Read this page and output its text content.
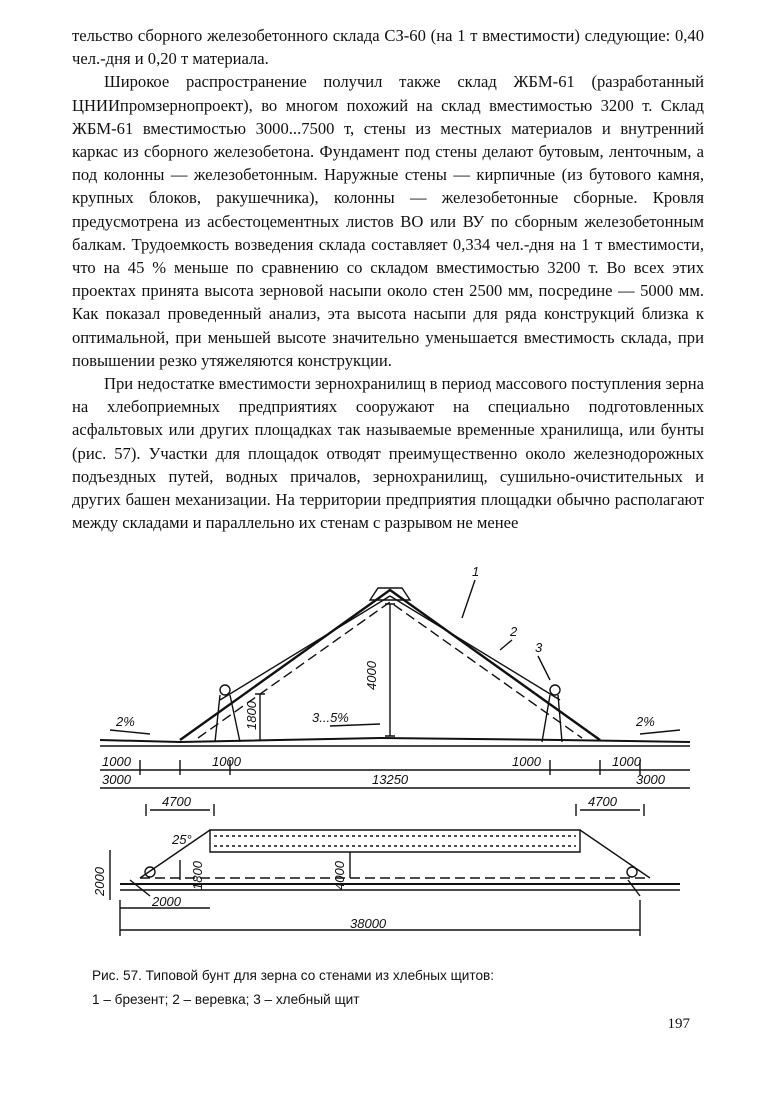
тельство сборного железобетонного склада СЗ-60 (на 1 т вместимости) следующие: 0,40 чел.-дня и 0,20 т материала.

Широкое распространение получил также склад ЖБМ-61 (разработанный ЦНИИпромзернопроект), во многом похожий на склад вместимостью 3200 т. Склад ЖБМ-61 вместимостью 3000...7500 т, стены из местных материалов и внутренний каркас из сборного железобетона. Фундамент под стены делают бутовым, ленточным, а под колонны — железобетонным. Наружные стены — кирпичные (из бутового камня, крупных блоков, ракушечника), колонны — железобетонные сборные. Кровля предусмотрена из асбестоцементных листов ВО или ВУ по сборным железобетонным балкам. Трудоемкость возведения склада составляет 0,334 чел.-дня на 1 т вместимости, что на 45 % меньше по сравнению со складом вместимостью 3200 т. Во всех этих проектах принята высота зерновой насыпи около стен 2500 мм, посредине — 5000 мм. Как показал проведенный анализ, эта высота насыпи для ряда конструкций близка к оптимальной, при меньшей высоте значительно уменьшается вместимость склада, при повышении резко утяжеляются конструкции.

При недостатке вместимости зернохранилищ в период массового поступления зерна на хлебоприемных предприятиях сооружают на специально подготовленных асфальтовых или других площадках так называемые временные хранилища, или бунты (рис. 57). Участки для площадок отводят преимущественно около железнодорожных подъездных путей, водных причалов, зернохранилищ, сушильно-очистительных и других башен механизации. На территории предприятия площадки обычно располагают между складами и параллельно их стенам с разрывом не менее

1
2
3
2%	2%
3...5%
4000
1800
1000	1000	1000	1000
3000	3000
13250
4700	4700
25°
2000	1800	4000
2000
38000
Рис. 57. Типовой бунт для зерна со стенами из хлебных щитов:
1 – брезент; 2 – веревка; 3 – хлебный щит
197
